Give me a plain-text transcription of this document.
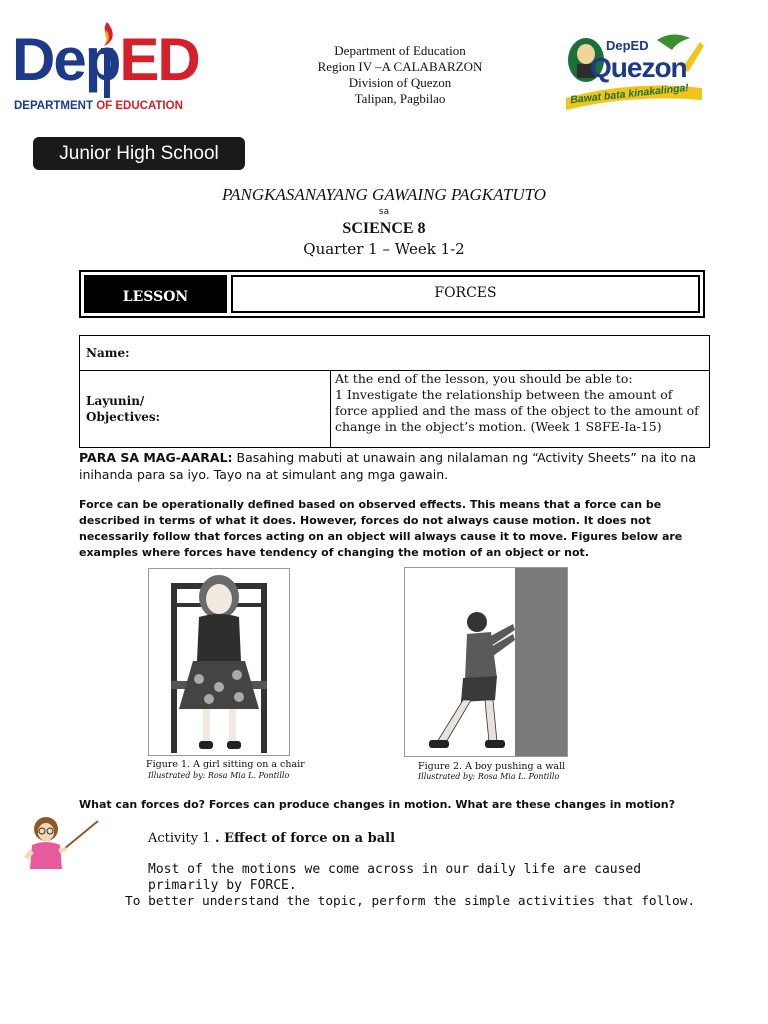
DepED
DEPARTMENT OF EDUCATION
Department of Education
Region IV –A CALABARZON
Division of Quezon
Talipan, Pagbilao
DepED
Quezon
Bawat bata kinakalinga!
Junior High School
PANGKASANAYANG GAWAING PAGKATUTO
sa
SCIENCE 8
Quarter 1 – Week 1-2
LESSON	FORCES
Name:

Layunin/
Objectives:
	At the end of the lesson, you should be able to:
1 Investigate the relationship between the amount of force applied and the mass of the object to the amount of change in the object’s motion. (Week 1 S8FE-Ia-15)
PARA SA MAG-AARAL: Basahing mabuti at unawain ang nilalaman ng “Activity Sheets” na ito na inihanda para sa iyo. Tayo na at simulant ang mga gawain.
Force can be operationally defined based on observed effects. This means that a force can be described in terms of what it does. However, forces do not always cause motion. It does not necessarily follow that forces acting on an object will always cause it to move. Figures below are examples where forces have tendency of changing the motion of an object or not.
Figure 1. A girl sitting on a chair
Illustrated by: Rosa Mia L. Pontillo
Figure 2. A boy pushing a wall
Illustrated by: Rosa Mia L. Pontillo
What can forces do? Forces can produce changes in motion. What are these changes in motion?
Activity 1 . Effect of force on a ball
Most of the motions we come across in our daily life are caused primarily by FORCE.
To better understand the topic, perform the simple activities that follow.
